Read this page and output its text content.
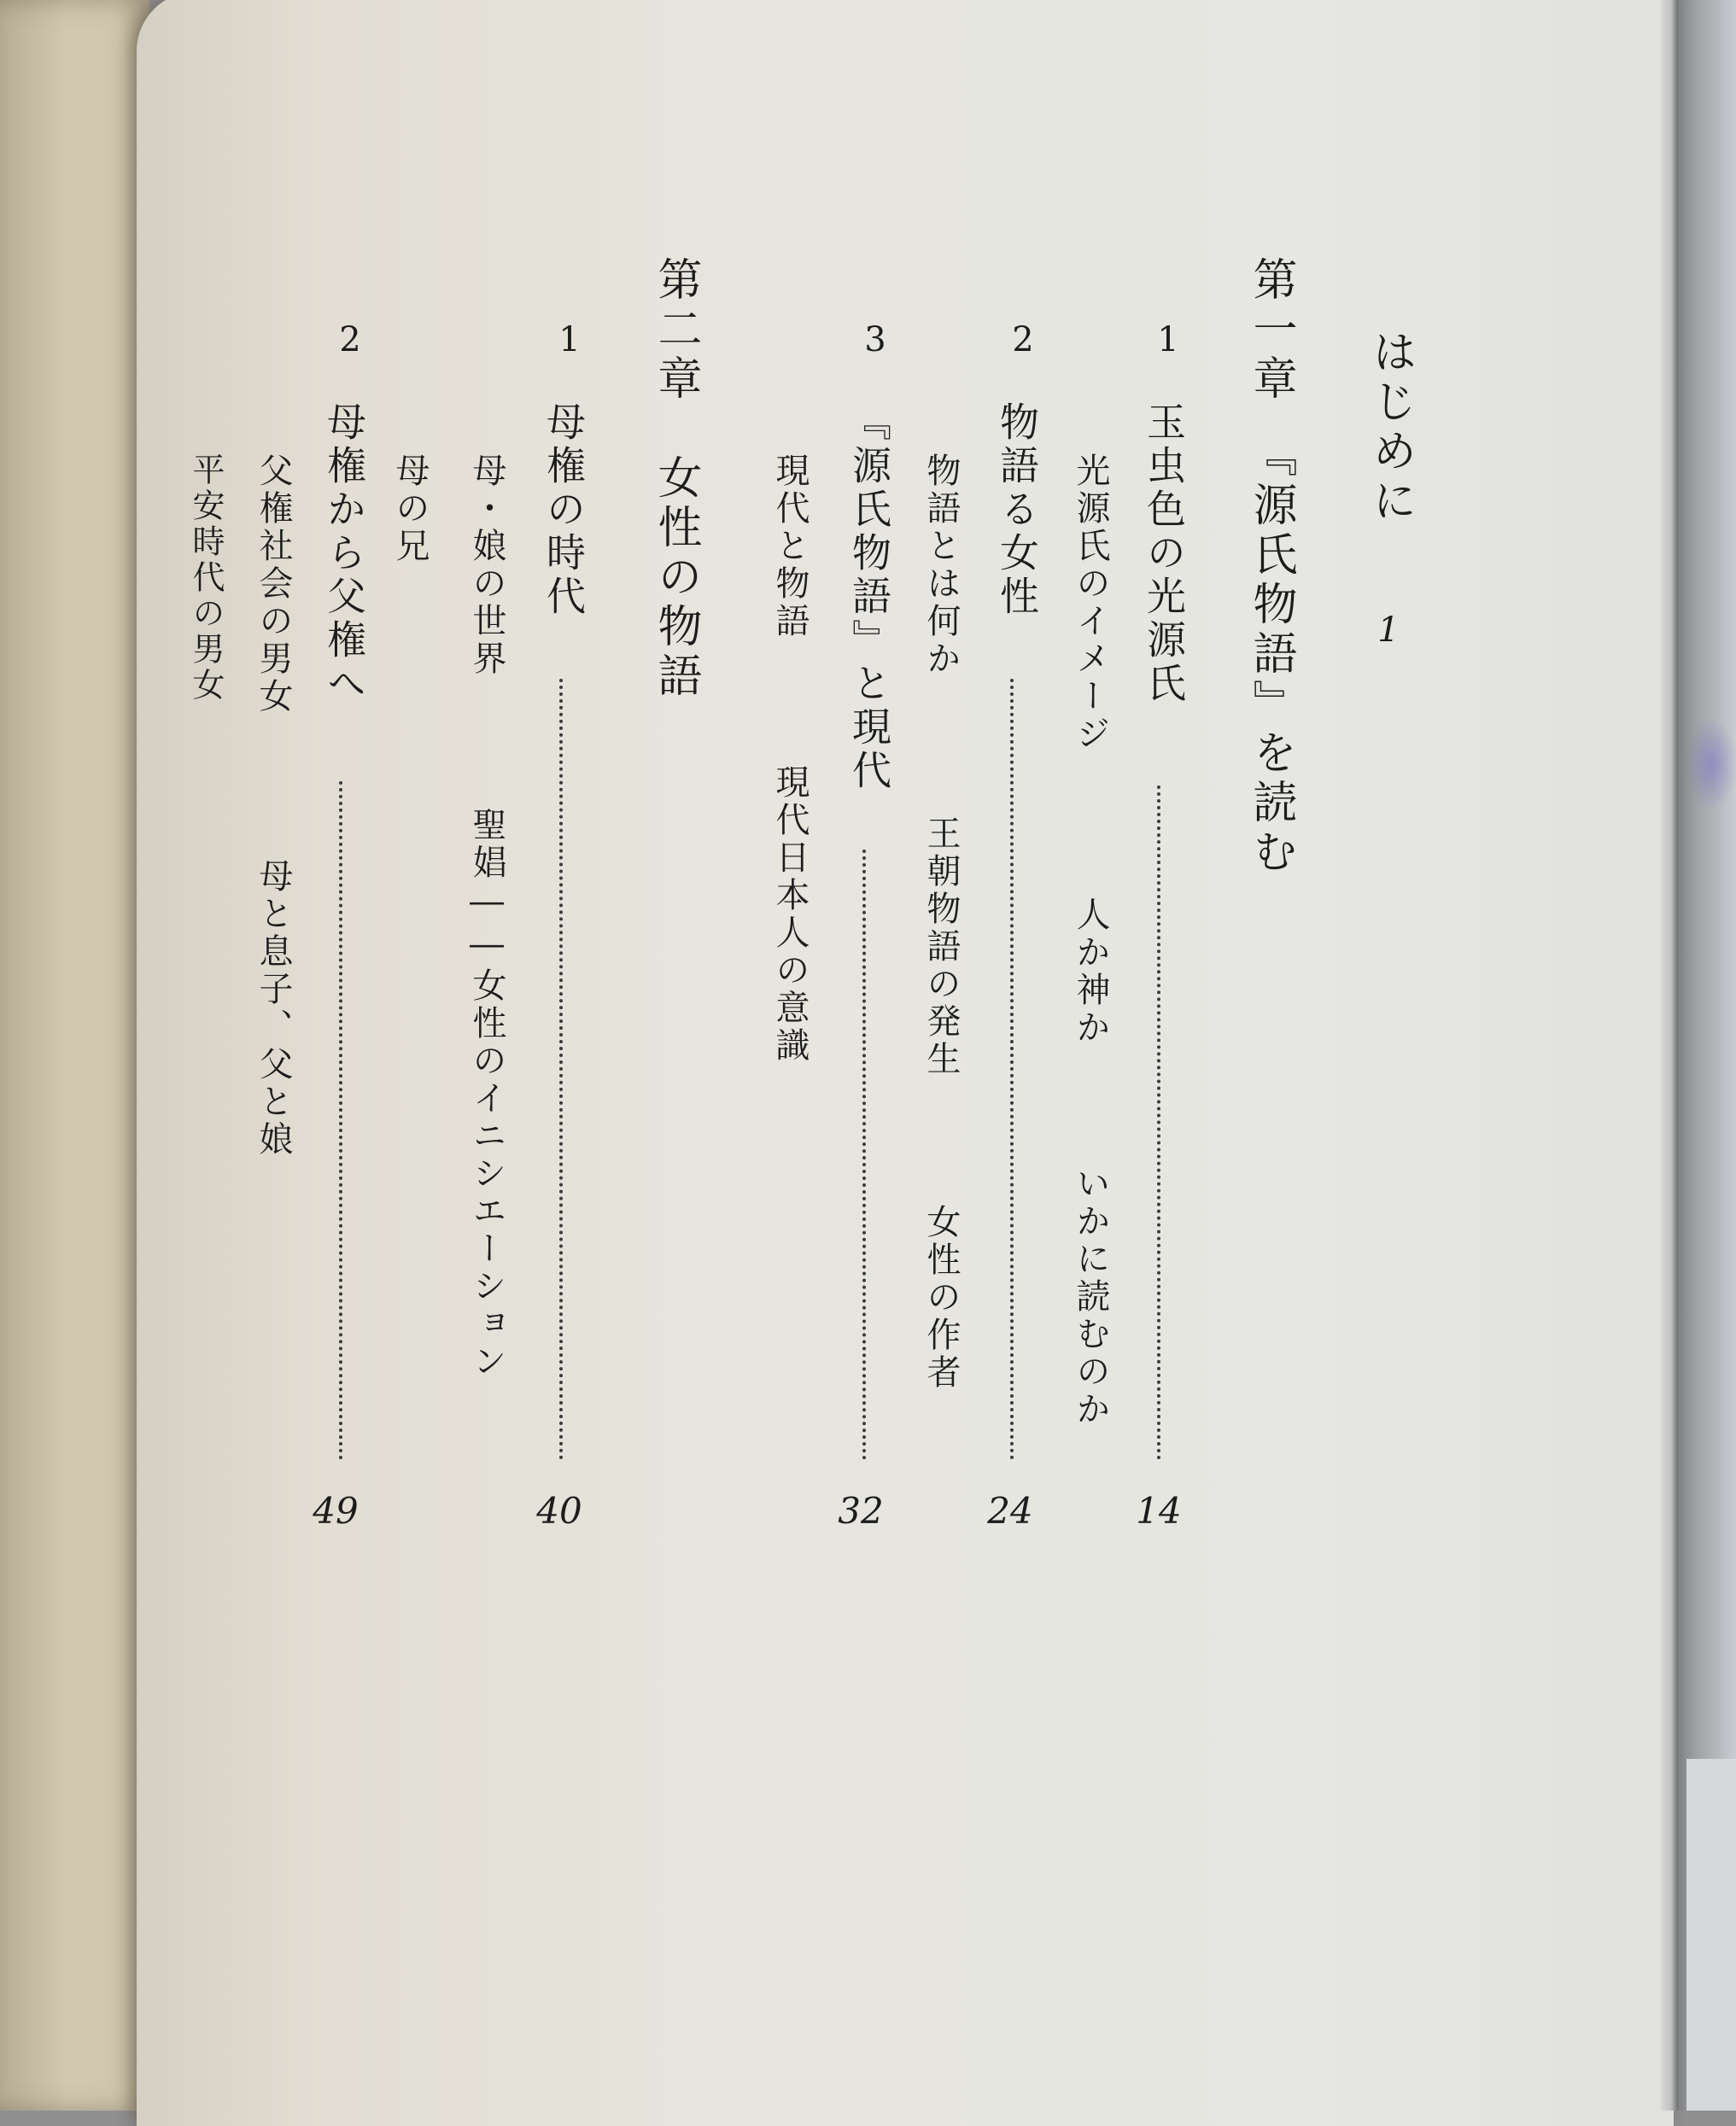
はじめに
1
第一章　『源氏物語』を読む
1
玉虫色の光源氏
14
光源氏のイメージ
人か神か
いかに読むのか
2
物語る女性
24
物語とは何か
王朝物語の発生
女性の作者
3
『源氏物語』と現代
32
現代と物語
現代日本人の意識
第二章　女性の物語
1
母権の時代
40
母・娘の世界
聖娼――女性のイニシエーション
母の兄
2
母権から父権へ
49
父権社会の男女
母と息子、父と娘
平安時代の男女
